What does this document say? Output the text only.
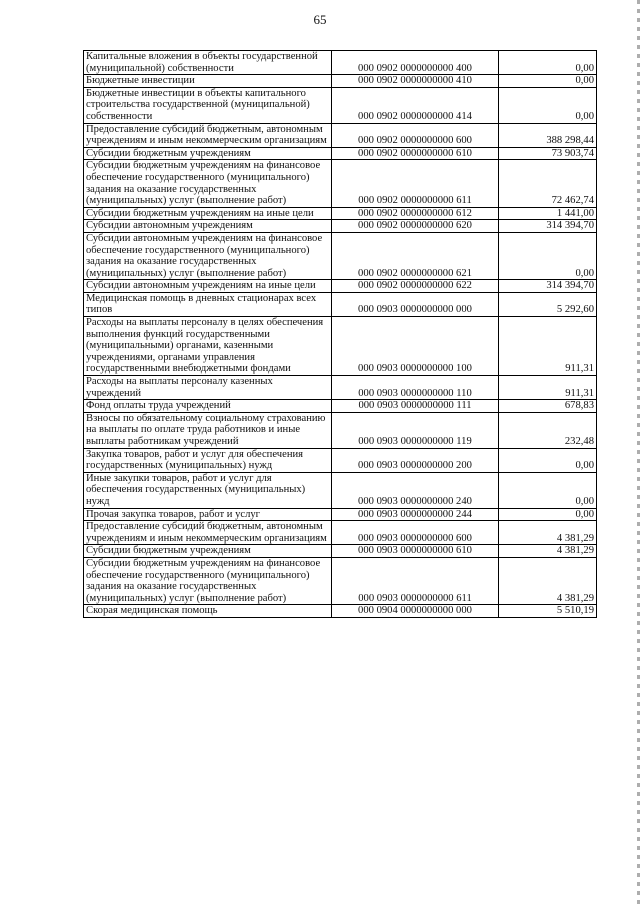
65
Капитальные вложения в объекты государственной (муниципальной) собственности	000 0902 0000000000 400	0,00
Бюджетные инвестиции	000 0902 0000000000 410	0,00
Бюджетные инвестиции в объекты капитального строительства государственной (муниципальной) собственности	000 0902 0000000000 414	0,00
Предоставление субсидий бюджетным, автономным учреждениям и иным некоммерческим организациям	000 0902 0000000000 600	388 298,44
Субсидии бюджетным учреждениям	000 0902 0000000000 610	73 903,74
Субсидии бюджетным учреждениям на финансовое обеспечение государственного (муниципального) задания на оказание государственных (муниципальных) услуг (выполнение работ)	000 0902 0000000000 611	72 462,74
Субсидии бюджетным учреждениям на иные цели	000 0902 0000000000 612	1 441,00
Субсидии автономным учреждениям	000 0902 0000000000 620	314 394,70
Субсидии автономным учреждениям на финансовое обеспечение государственного (муниципального) задания на оказание государственных (муниципальных) услуг (выполнение работ)	000 0902 0000000000 621	0,00
Субсидии автономным учреждениям на иные цели	000 0902 0000000000 622	314 394,70
Медицинская помощь в дневных стационарах всех типов	000 0903 0000000000 000	5 292,60
Расходы на выплаты персоналу в целях обеспечения выполнения функций государственными (муниципальными) органами, казенными учреждениями, органами управления государственными внебюджетными фондами	000 0903 0000000000 100	911,31
Расходы на выплаты персоналу казенных учреждений	000 0903 0000000000 110	911,31
Фонд оплаты труда учреждений	000 0903 0000000000 111	678,83
Взносы по обязательному социальному страхованию на выплаты по оплате труда работников и иные выплаты работникам учреждений	000 0903 0000000000 119	232,48
Закупка товаров, работ и услуг для обеспечения государственных (муниципальных) нужд	000 0903 0000000000 200	0,00
Иные закупки товаров, работ и услуг для обеспечения государственных (муниципальных) нужд	000 0903 0000000000 240	0,00
Прочая закупка товаров, работ и услуг	000 0903 0000000000 244	0,00
Предоставление субсидий бюджетным, автономным учреждениям и иным некоммерческим организациям	000 0903 0000000000 600	4 381,29
Субсидии бюджетным учреждениям	000 0903 0000000000 610	4 381,29
Субсидии бюджетным учреждениям на финансовое обеспечение государственного (муниципального) задания на оказание государственных (муниципальных) услуг (выполнение работ)	000 0903 0000000000 611	4 381,29
Скорая медицинская помощь	000 0904 0000000000 000	5 510,19
